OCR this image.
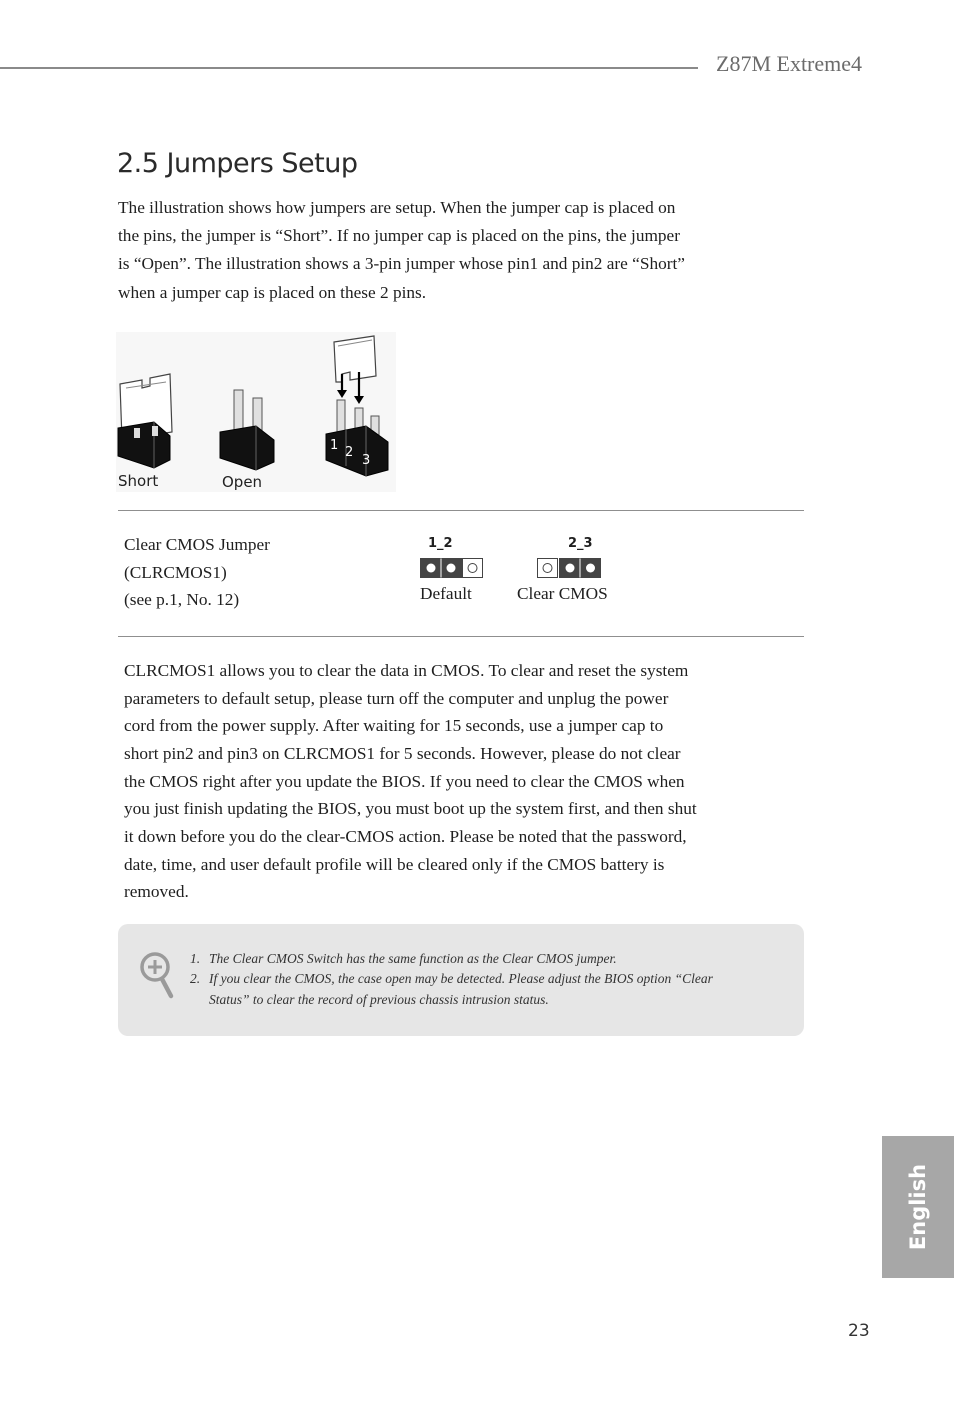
Z87M Extreme4
2.5 Jumpers Setup
The illustration shows how jumpers are setup. When the jumper cap is placed on
the pins, the jumper is “Short”. If no jumper cap is placed on the pins, the jumper
is “Open”. The illustration shows a 3-pin jumper whose pin1 and pin2 are “Short”
when a jumper cap is placed on these 2 pins.
Short	Open
1 2
3
Clear CMOS Jumper
(CLRCMOS1)
(see p.1, No. 12)
1_2
Default
2_3
Clear CMOS
CLRCMOS1 allows you to clear the data in CMOS. To clear and reset the system
parameters to default setup, please turn off the computer and unplug the power
cord from the power supply. After waiting for 15 seconds, use a jumper cap to
short pin2 and pin3 on CLRCMOS1 for 5 seconds. However, please do not clear
the CMOS right after you update the BIOS. If you need to clear the CMOS when
you just finish updating the BIOS, you must boot up the system first, and then shut
it down before you do the clear-CMOS action. Please be noted that the password,
date, time, and user default profile will be cleared only if the CMOS battery is
removed.
1. The Clear CMOS Switch has the same function as the Clear CMOS jumper.
2. If you clear the CMOS, the case open may be detected. Please adjust the BIOS option “Clear
Status” to clear the record of previous chassis intrusion status.
English
23
